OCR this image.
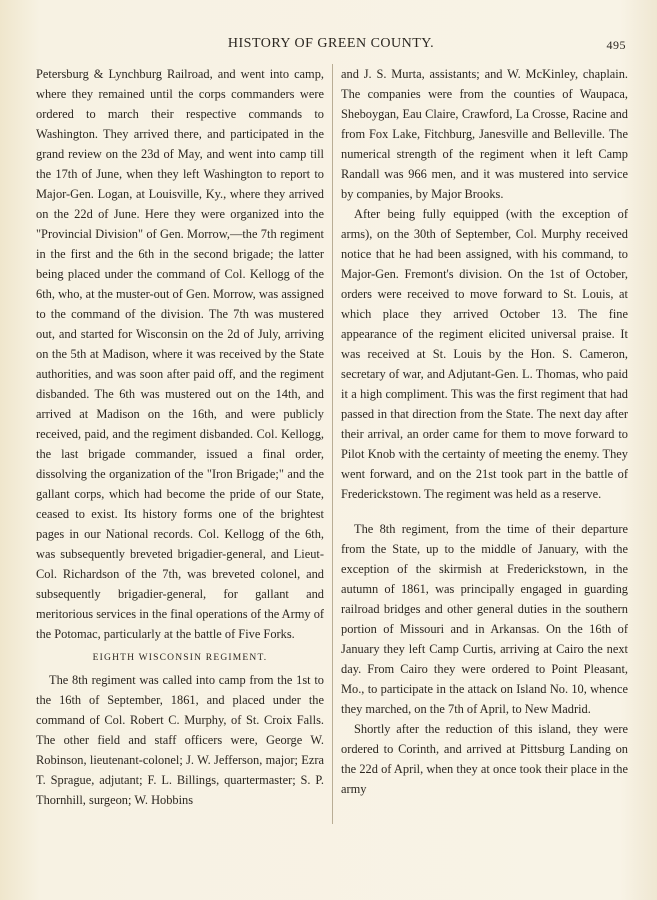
HISTORY OF GREEN COUNTY.	495

Petersburg & Lynchburg Railroad, and went into camp, where they remained until the corps commanders were ordered to march their respective commands to Washington. They arrived there, and participated in the grand review on the 23d of May, and went into camp till the 17th of June, when they left Washington to report to Major-Gen. Logan, at Louisville, Ky., where they arrived on the 22d of June. Here they were organized into the "Provincial Division" of Gen. Morrow,—the 7th regiment in the first and the 6th in the second brigade; the latter being placed under the command of Col. Kellogg of the 6th, who, at the muster-out of Gen. Morrow, was assigned to the command of the division. The 7th was mustered out, and started for Wisconsin on the 2d of July, arriving on the 5th at Madison, where it was received by the State authorities, and was soon after paid off, and the regiment disbanded. The 6th was mustered out on the 14th, and arrived at Madison on the 16th, and were publicly received, paid, and the regiment disbanded. Col. Kellogg, the last brigade commander, issued a final order, dissolving the organization of the "Iron Brigade;" and the gallant corps, which had become the pride of our State, ceased to exist. Its history forms one of the brightest pages in our National records. Col. Kellogg of the 6th, was subsequently breveted brigadier-general, and Lieut-Col. Richardson of the 7th, was breveted colonel, and subsequently brigadier-general, for gallant and meritorious services in the final operations of the Army of the Potomac, particularly at the battle of Five Forks.

EIGHTH WISCONSIN REGIMENT.

The 8th regiment was called into camp from the 1st to the 16th of September, 1861, and placed under the command of Col. Robert C. Murphy, of St. Croix Falls. The other field and staff officers were, George W. Robinson, lieutenant-colonel; J. W. Jefferson, major; Ezra T. Sprague, adjutant; F. L. Billings, quartermaster; S. P. Thornhill, surgeon; W. Hobbins

and J. S. Murta, assistants; and W. McKinley, chaplain. The companies were from the counties of Waupaca, Sheboygan, Eau Claire, Crawford, La Crosse, Racine and from Fox Lake, Fitchburg, Janesville and Belleville. The numerical strength of the regiment when it left Camp Randall was 966 men, and it was mustered into service by companies, by Major Brooks.

After being fully equipped (with the exception of arms), on the 30th of September, Col. Murphy received notice that he had been assigned, with his command, to Major-Gen. Fremont's division. On the 1st of October, orders were received to move forward to St. Louis, at which place they arrived October 13. The fine appearance of the regiment elicited universal praise. It was received at St. Louis by the Hon. S. Cameron, secretary of war, and Adjutant-Gen. L. Thomas, who paid it a high compliment. This was the first regiment that had passed in that direction from the State. The next day after their arrival, an order came for them to move forward to Pilot Knob with the certainty of meeting the enemy. They went forward, and on the 21st took part in the battle of Frederickstown. The regiment was held as a reserve.

The 8th regiment, from the time of their departure from the State, up to the middle of January, with the exception of the skirmish at Frederickstown, in the autumn of 1861, was principally engaged in guarding railroad bridges and other general duties in the southern portion of Missouri and in Arkansas. On the 16th of January they left Camp Curtis, arriving at Cairo the next day. From Cairo they were ordered to Point Pleasant, Mo., to participate in the attack on Island No. 10, whence they marched, on the 7th of April, to New Madrid.

Shortly after the reduction of this island, they were ordered to Corinth, and arrived at Pittsburg Landing on the 22d of April, when they at once took their place in the army
